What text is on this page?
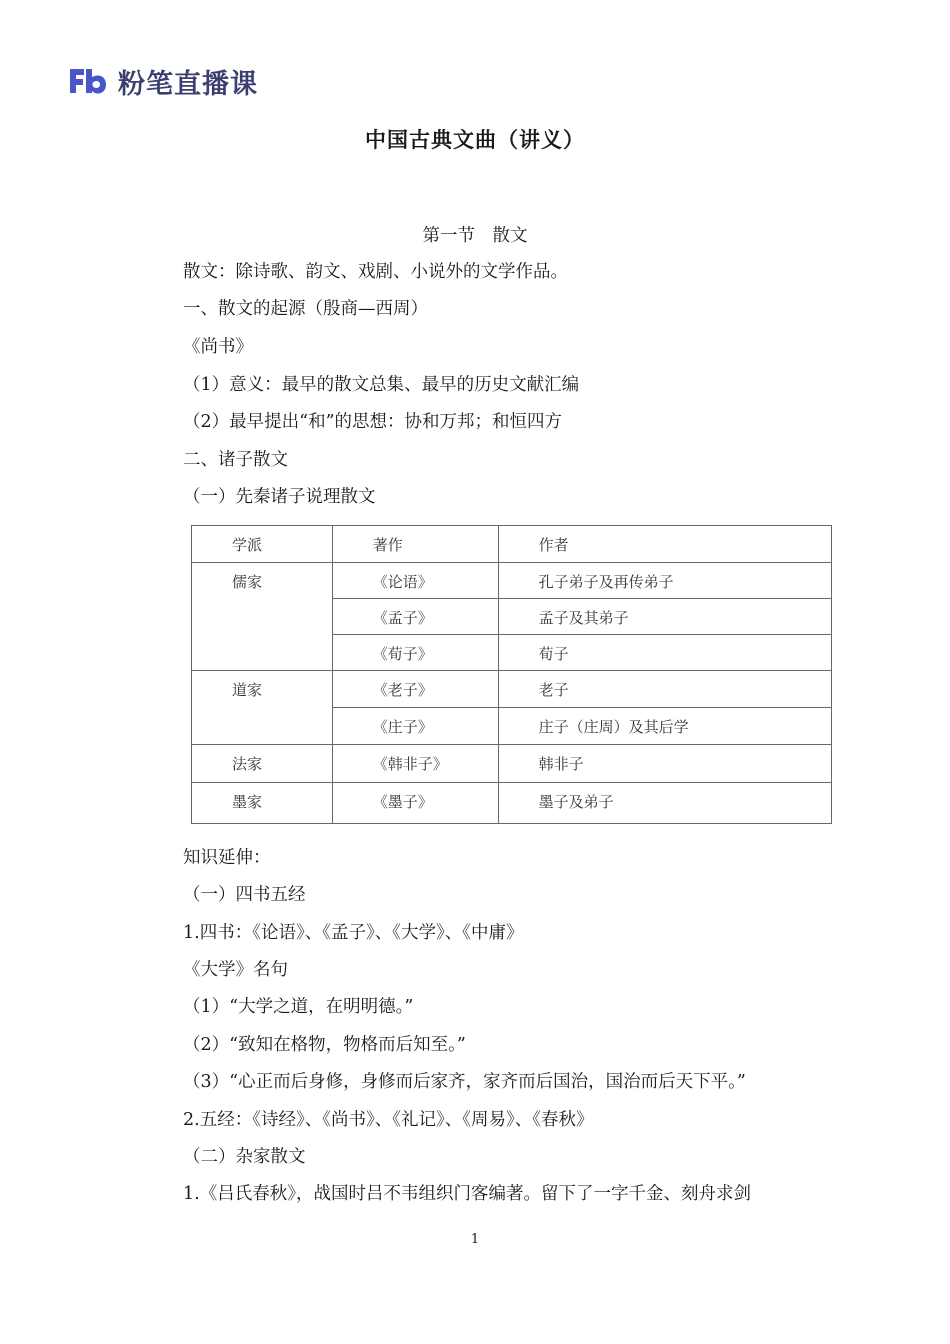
粉笔直播课
中国古典文曲（讲义）
第一节　散文
散文：除诗歌、韵文、戏剧、小说外的文学作品。
一、散文的起源（殷商—西周）
《尚书》
（1）意义：最早的散文总集、最早的历史文献汇编
（2）最早提出“和”的思想：协和万邦；和恒四方
二、诸子散文
（一）先秦诸子说理散文
学派	著作	作者

儒家	《论语》	孔子弟子及再传弟子

	《孟子》	孟子及其弟子

	《荀子》	荀子

道家	《老子》	老子

	《庄子》	庄子（庄周）及其后学

法家	《韩非子》	韩非子

墨家	《墨子》	墨子及弟子
知识延伸：
（一）四书五经
1.四书：《论语》、《孟子》、《大学》、《中庸》
《大学》名句
（1）“大学之道，在明明德。”
（2）“致知在格物，物格而后知至。”
（3）“心正而后身修，身修而后家齐，家齐而后国治，国治而后天下平。”
2.五经：《诗经》、《尚书》、《礼记》、《周易》、《春秋》
（二）杂家散文
1.《吕氏春秋》，战国时吕不韦组织门客编著。留下了一字千金、刻舟求剑
1
